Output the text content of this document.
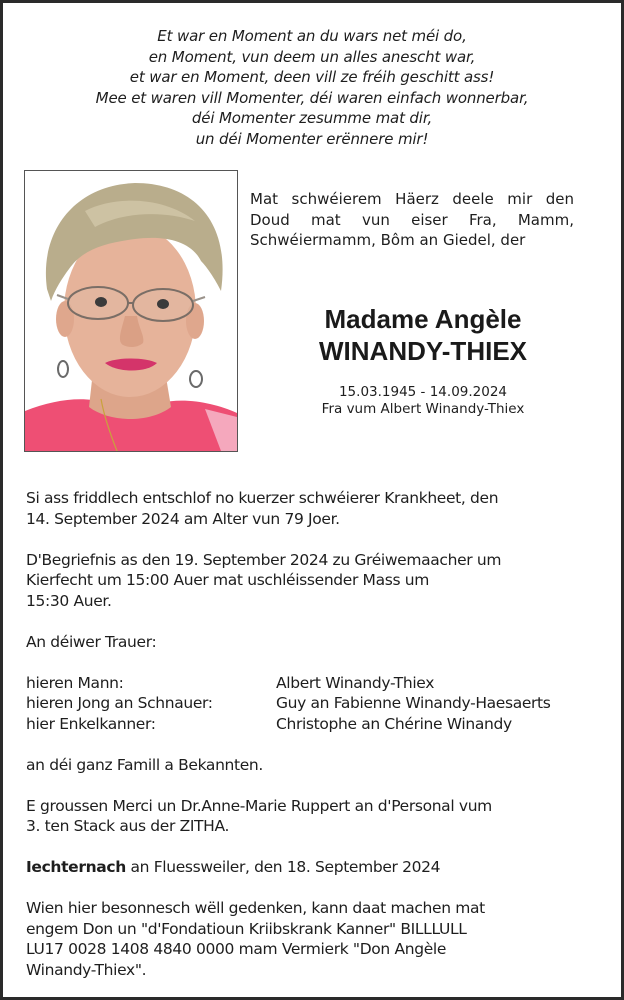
Et war en Moment an du wars net méi do,
en Moment, vun deem un alles anescht war,
et war en Moment, deen vill ze fréih geschitt ass!
Mee et waren vill Momenter, déi waren einfach wonnerbar,
déi Momenter zesumme mat dir,
un déi Momenter erënnere mir!
Mat schwéierem Häerz deele mir den
Doud mat vun eiser Fra, Mamm,
Schwéiermamm, Bôm an Giedel, der
Madame Angèle
WINANDY-THIEX
15.03.1945 - 14.09.2024
Fra vum Albert Winandy-Thiex

Si ass friddlech entschlof no kuerzer schwéierer Krankheet, den
14. September 2024 am Alter vun 79 Joer.

D'Begriefnis as den 19. September 2024 zu Gréiwemaacher um
Kierfecht um 15:00 Auer mat uschléissender Mass um
15:30 Auer.

An déiwer Trauer:

hieren Mann:	Albert Winandy-Thiex
hieren Jong an Schnauer:	Guy an Fabienne Winandy-Haesaerts
hier Enkelkanner:	Christophe an Chérine Winandy

an déi ganz Famill a Bekannten.

E groussen Merci un Dr.Anne-Marie Ruppert an d'Personal vum
3. ten Stack aus der ZITHA.

Iechternach an Fluessweiler, den 18. September 2024

Wien hier besonnesch wëll gedenken, kann daat machen mat
engem Don un "d'Fondatioun Kriibskrank Kanner" BILLLULL
LU17 0028 1408 4840 0000 mam Vermierk "Don Angèle
Winandy-Thiex".
